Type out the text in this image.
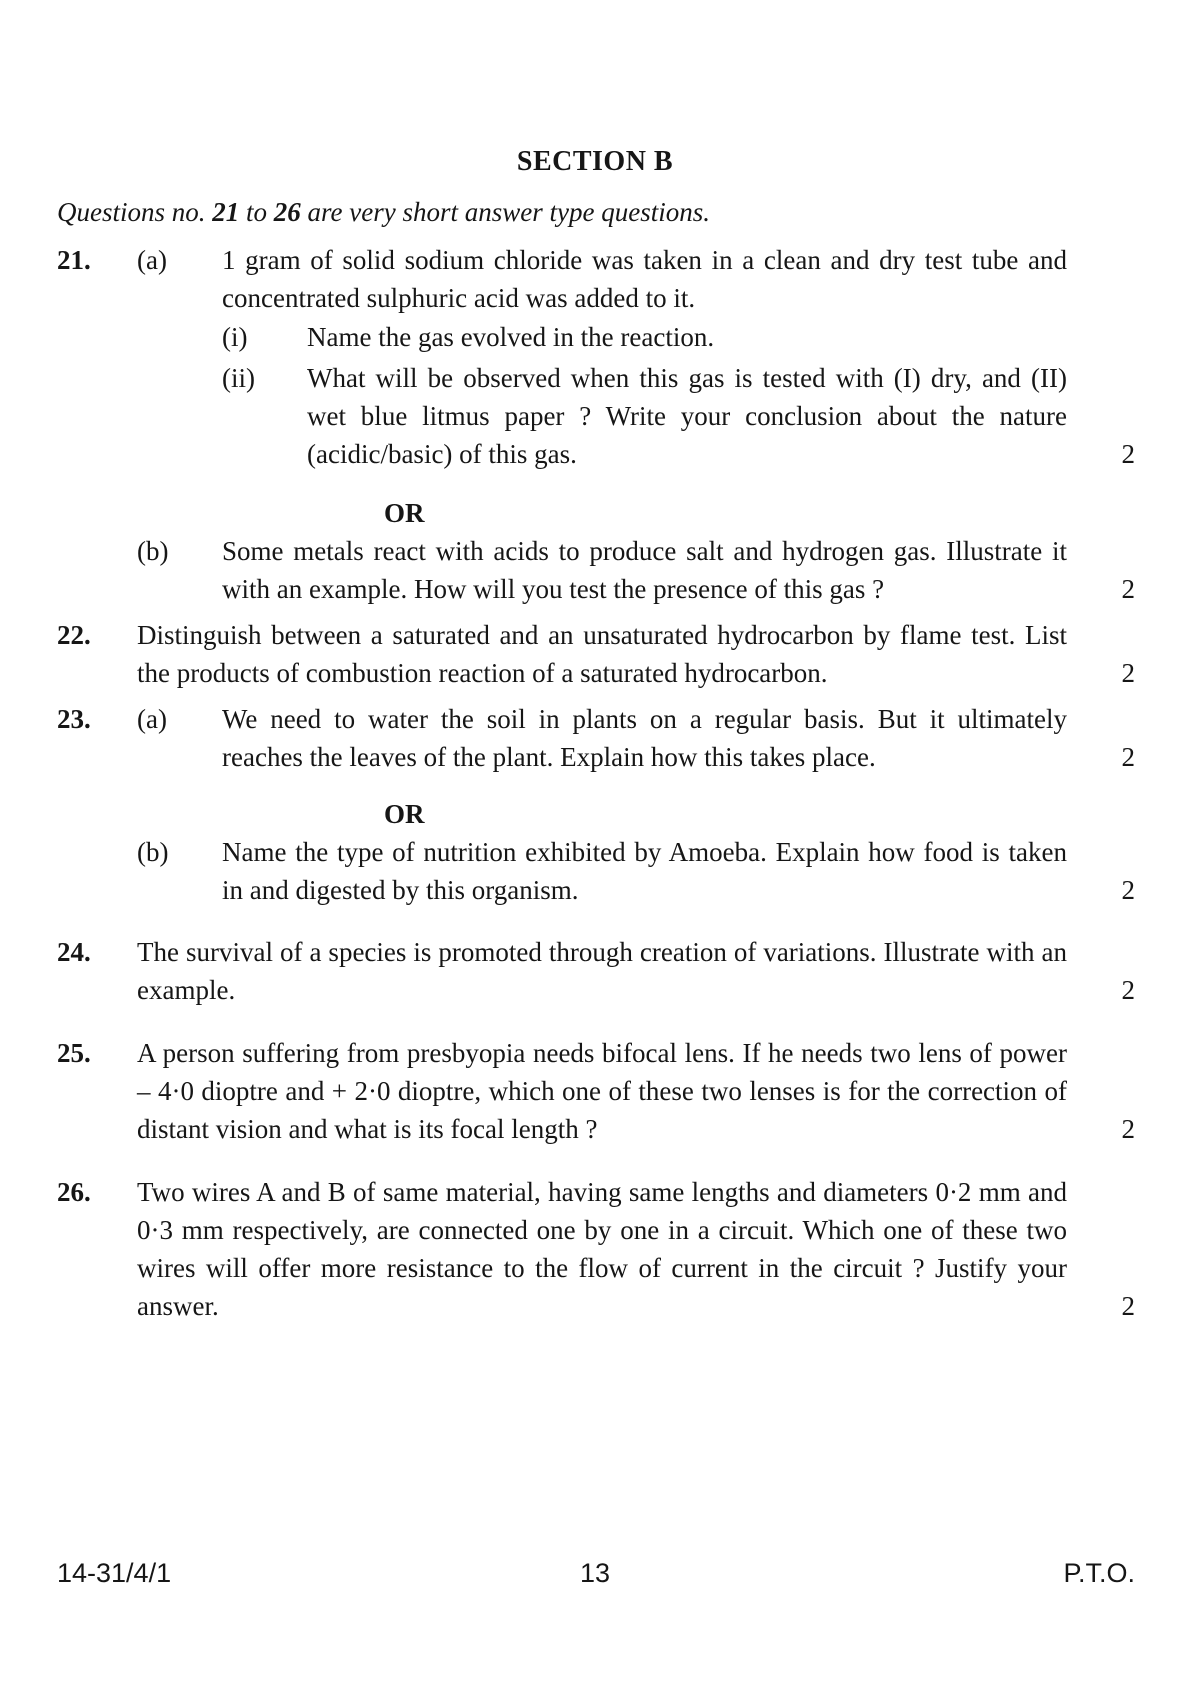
SECTION B

Questions no. 21 to 26 are very short answer type questions.

21. (a) 1 gram of solid sodium chloride was taken in a clean and dry test tube and concentrated sulphuric acid was added to it.

(i) Name the gas evolved in the reaction.

(ii) What will be observed when this gas is tested with (I) dry, and (II) wet blue litmus paper ? Write your conclusion about the nature (acidic/basic) of this gas.	2
OR
(b) Some metals react with acids to produce salt and hydrogen gas. Illustrate it with an example. How will you test the presence of this gas ?	2
22. Distinguish between a saturated and an unsaturated hydrocarbon by flame test. List the products of combustion reaction of a saturated hydrocarbon.	2
23. (a) We need to water the soil in plants on a regular basis. But it ultimately reaches the leaves of the plant. Explain how this takes place.	2
OR
(b) Name the type of nutrition exhibited by Amoeba. Explain how food is taken in and digested by this organism.	2
24. The survival of a species is promoted through creation of variations. Illustrate with an example.	2
25. A person suffering from presbyopia needs bifocal lens. If he needs two lens of power – 4·0 dioptre and + 2·0 dioptre, which one of these two lenses is for the correction of distant vision and what is its focal length ?	2
26. Two wires A and B of same material, having same lengths and diameters 0·2 mm and 0·3 mm respectively, are connected one by one in a circuit. Which one of these two wires will offer more resistance to the flow of current in the circuit ? Justify your answer.	2
14-31/4/1	13	P.T.O.
